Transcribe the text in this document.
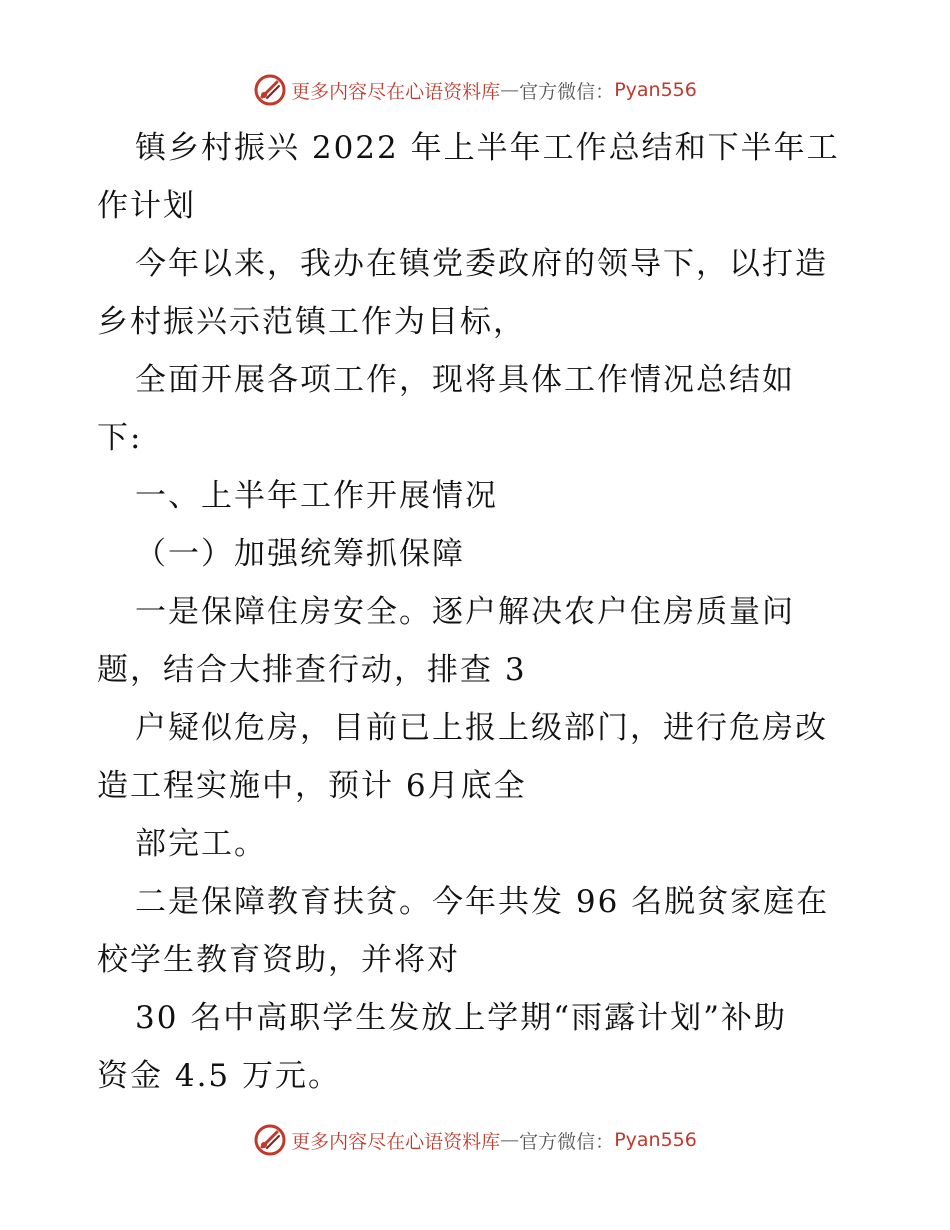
更多内容尽在心语资料库 — 官方微信： Pyan556
镇乡村振兴 2022 年上半年工作总结和下半年工
作计划
今年以来，我办在镇党委政府的领导下，以打造
乡村振兴示范镇工作为目标，
全面开展各项工作，现将具体工作情况总结如
下:
一、上半年工作开展情况
（一）加强统筹抓保障
一是保障住房安全。逐户解决农户住房质量问
题，结合大排查行动，排查 3
户疑似危房，目前已上报上级部门，进行危房改
造工程实施中，预计 6月底全
部完工。
二是保障教育扶贫。今年共发 96 名脱贫家庭在
校学生教育资助，并将对
30 名中高职学生发放上学期“雨露计划”补助
资金 4.5 万元。
更多内容尽在心语资料库 — 官方微信： Pyan556
